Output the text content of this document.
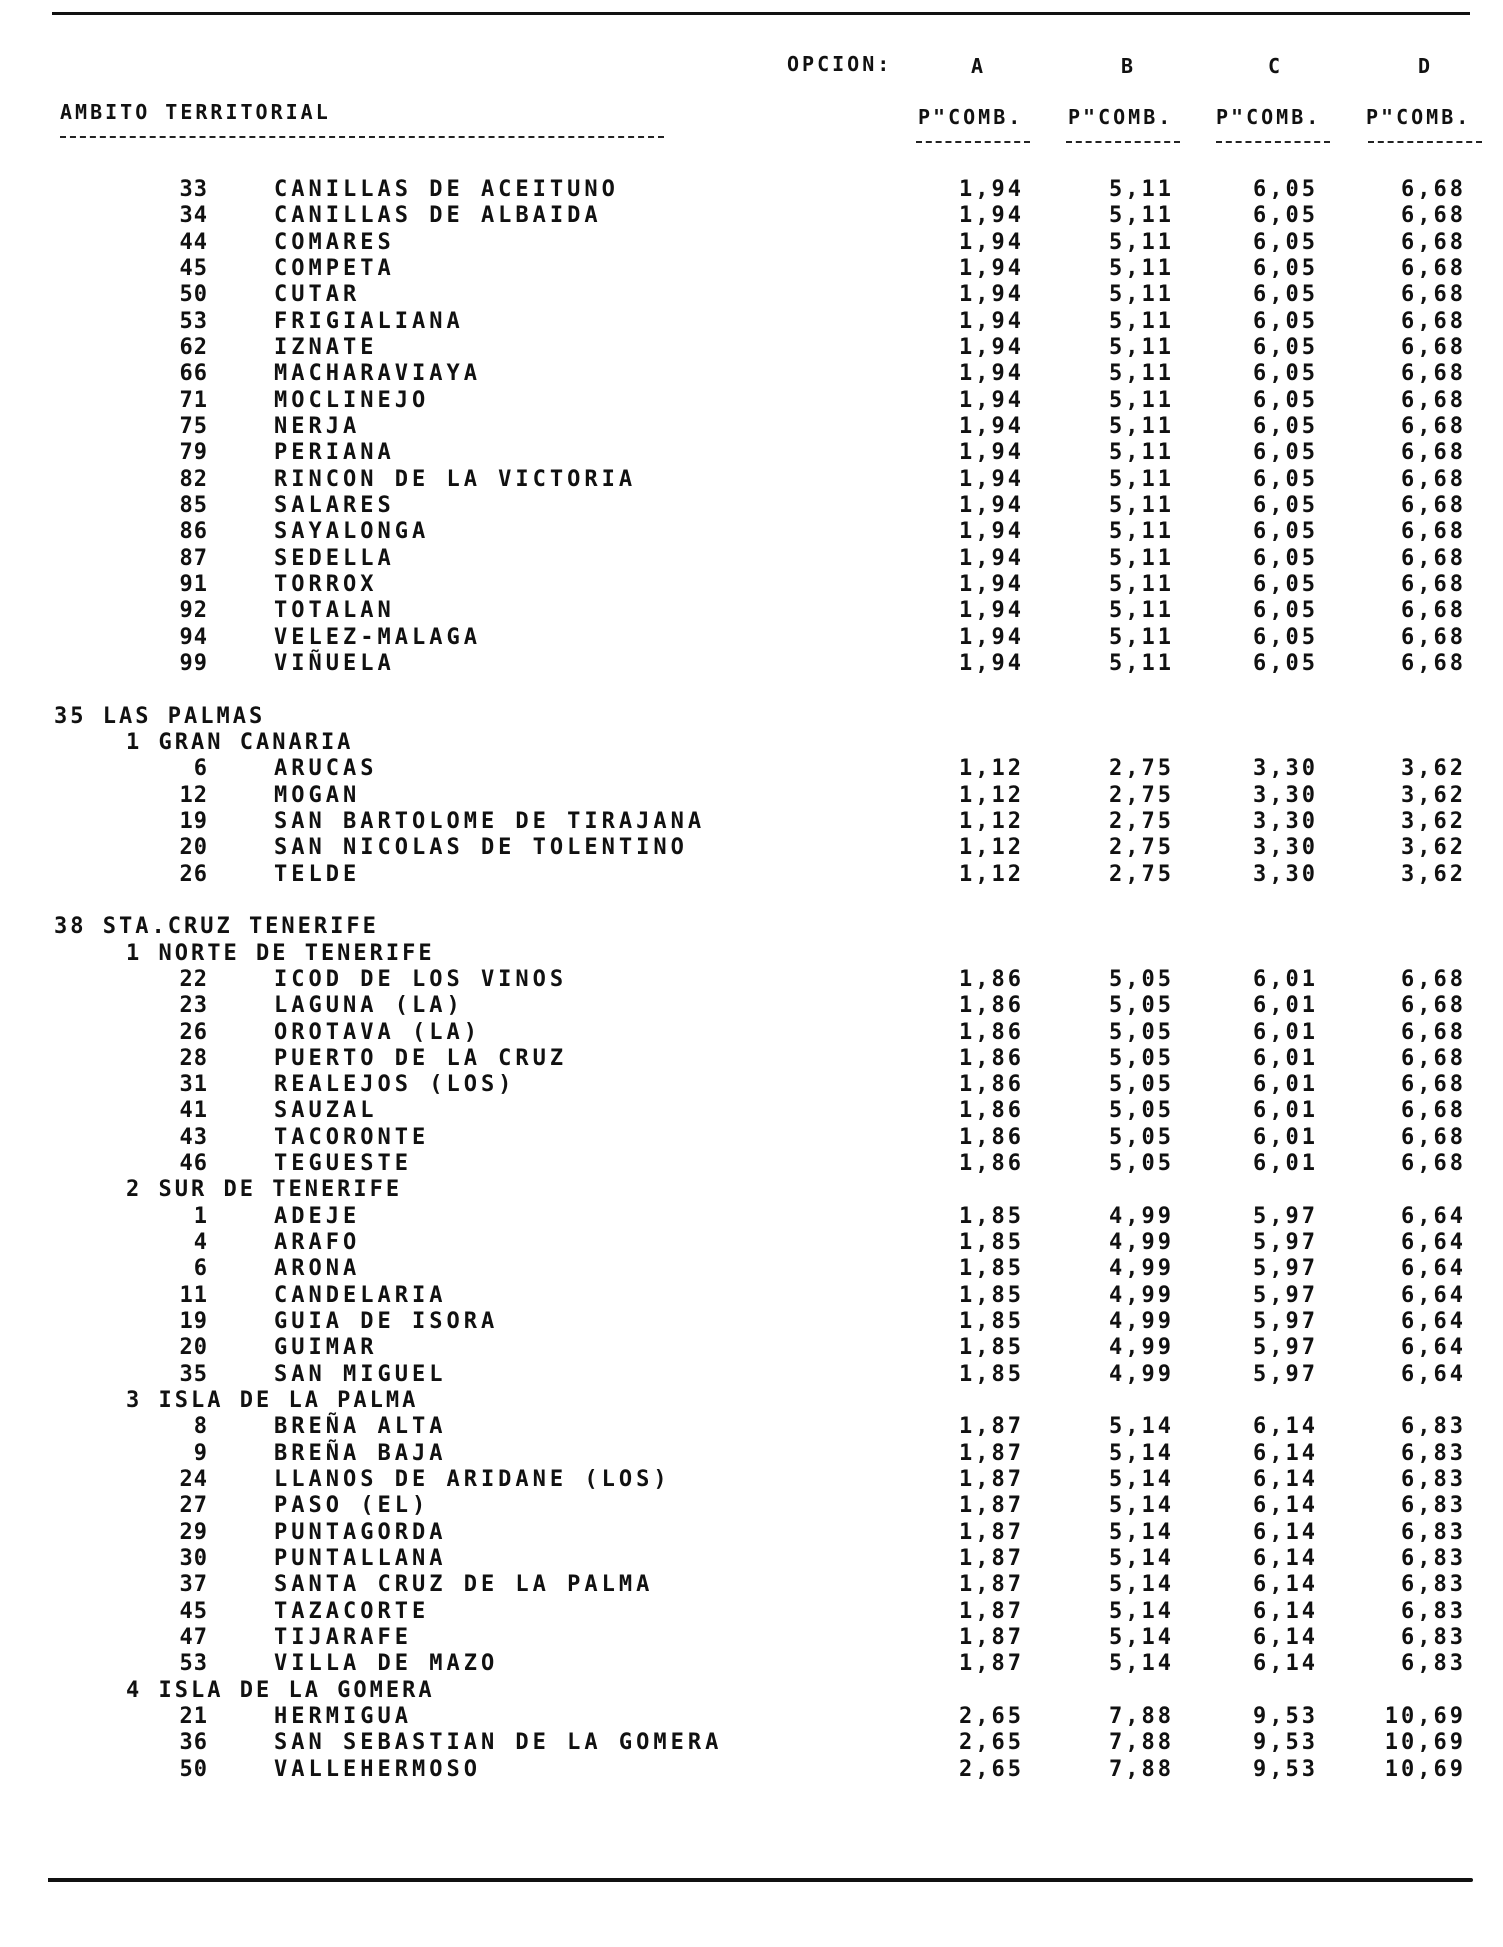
OPCION:	A	B	C	D
AMBITO TERRITORIAL	P"COMB. P"COMB. P"COMB. P"COMB.
33	CANILLAS DE ACEITUNO	1,94	5,11	6,05	6,68
34	CANILLAS DE ALBAIDA	1,94	5,11	6,05	6,68
44	COMARES	1,94	5,11	6,05	6,68
45	COMPETA	1,94	5,11	6,05	6,68
50	CUTAR	1,94	5,11	6,05	6,68
53	FRIGIALIANA	1,94	5,11	6,05	6,68
62	IZNATE	1,94	5,11	6,05	6,68
66	MACHARAVIAYA	1,94	5,11	6,05	6,68
71	MOCLINEJO	1,94	5,11	6,05	6,68
75	NERJA	1,94	5,11	6,05	6,68
79	PERIANA	1,94	5,11	6,05	6,68
82	RINCON DE LA VICTORIA	1,94	5,11	6,05	6,68
85	SALARES	1,94	5,11	6,05	6,68
86	SAYALONGA	1,94	5,11	6,05	6,68
87	SEDELLA	1,94	5,11	6,05	6,68
91	TORROX	1,94	5,11	6,05	6,68
92	TOTALAN	1,94	5,11	6,05	6,68
94	VELEZ-MALAGA	1,94	5,11	6,05	6,68
99	VIÑUELA	1,94	5,11	6,05	6,68
35 LAS PALMAS
1 GRAN CANARIA
6	ARUCAS	1,12	2,75	3,30	3,62
12	MOGAN	1,12	2,75	3,30	3,62
19	SAN BARTOLOME DE TIRAJANA	1,12	2,75	3,30	3,62
20	SAN NICOLAS DE TOLENTINO	1,12	2,75	3,30	3,62
26	TELDE	1,12	2,75	3,30	3,62
38 STA.CRUZ TENERIFE
1 NORTE DE TENERIFE
22	ICOD DE LOS VINOS	1,86	5,05	6,01	6,68
23	LAGUNA (LA)	1,86	5,05	6,01	6,68
26	OROTAVA (LA)	1,86	5,05	6,01	6,68
28	PUERTO DE LA CRUZ	1,86	5,05	6,01	6,68
31	REALEJOS (LOS)	1,86	5,05	6,01	6,68
41	SAUZAL	1,86	5,05	6,01	6,68
43	TACORONTE	1,86	5,05	6,01	6,68
46	TEGUESTE	1,86	5,05	6,01	6,68
2 SUR DE TENERIFE
1	ADEJE	1,85	4,99	5,97	6,64
4	ARAFO	1,85	4,99	5,97	6,64
6	ARONA	1,85	4,99	5,97	6,64
11	CANDELARIA	1,85	4,99	5,97	6,64
19	GUIA DE ISORA	1,85	4,99	5,97	6,64
20	GUIMAR	1,85	4,99	5,97	6,64
35	SAN MIGUEL	1,85	4,99	5,97	6,64
3 ISLA DE LA PALMA
8	BREÑA ALTA	1,87	5,14	6,14	6,83
9	BREÑA BAJA	1,87	5,14	6,14	6,83
24	LLANOS DE ARIDANE (LOS)	1,87	5,14	6,14	6,83
27	PASO (EL)	1,87	5,14	6,14	6,83
29	PUNTAGORDA	1,87	5,14	6,14	6,83
30	PUNTALLANA	1,87	5,14	6,14	6,83
37	SANTA CRUZ DE LA PALMA	1,87	5,14	6,14	6,83
45	TAZACORTE	1,87	5,14	6,14	6,83
47	TIJARAFE	1,87	5,14	6,14	6,83
53	VILLA DE MAZO	1,87	5,14	6,14	6,83
4 ISLA DE LA GOMERA
21	HERMIGUA	2,65	7,88	9,53	10,69
36	SAN SEBASTIAN DE LA GOMERA	2,65	7,88	9,53	10,69
50	VALLEHERMOSO	2,65	7,88	9,53	10,69
